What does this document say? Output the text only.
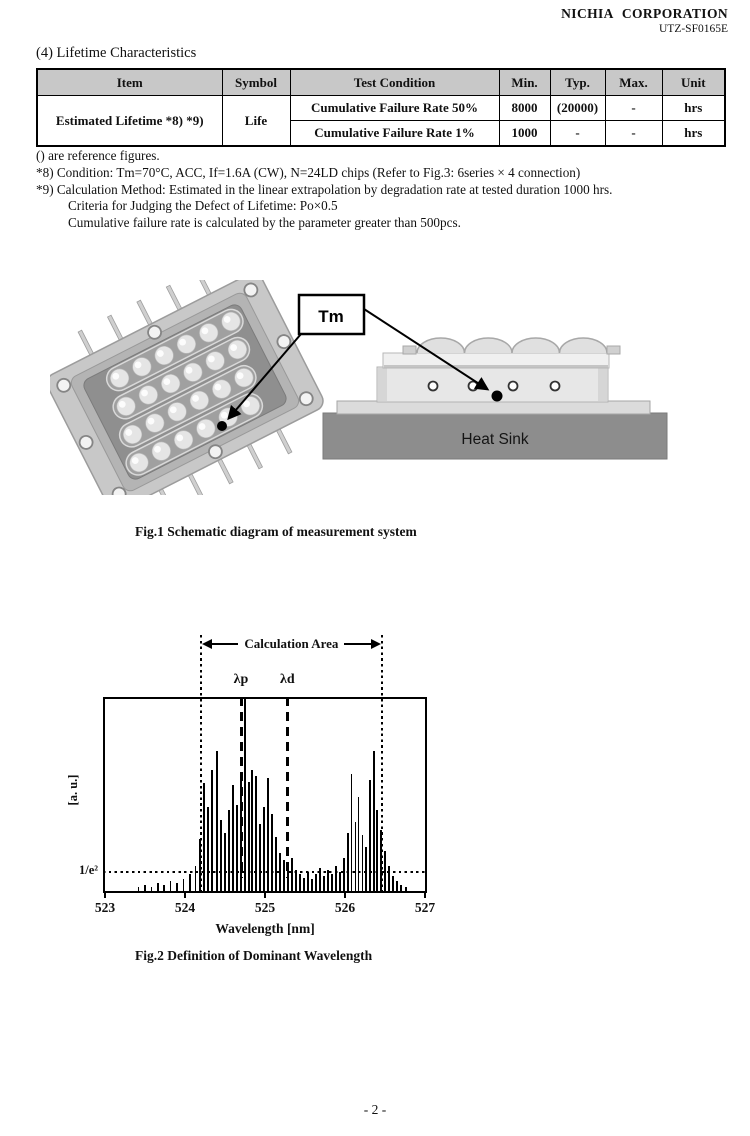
NICHIA CORPORATION
UTZ-SF0165E
(4) Lifetime Characteristics
Item	Symbol	Test Condition	Min.	Typ.	Max.	Unit
Estimated Lifetime *8) *9)	Life	Cumulative Failure Rate 50%	8000	(20000)	-	hrs
		Cumulative Failure Rate 1%	1000	-	-	hrs
() are reference figures.
*8) Condition: Tm=70°C, ACC, If=1.6A (CW), N=24LD chips (Refer to Fig.3: 6series × 4 connection)
*9) Calculation Method: Estimated in the linear extrapolation by degradation rate at tested duration 1000 hrs.
Criteria for Judging the Defect of Lifetime: Po×0.5
Cumulative failure rate is calculated by the parameter greater than 500pcs.
Heat Sink
Tm
Fig.1 Schematic diagram of measurement system
Calculation Area
λp	λd
1/e²
[a. u.]
523	524	525	526	527
Wavelength [nm]
Fig.2 Definition of Dominant Wavelength
- 2 -
